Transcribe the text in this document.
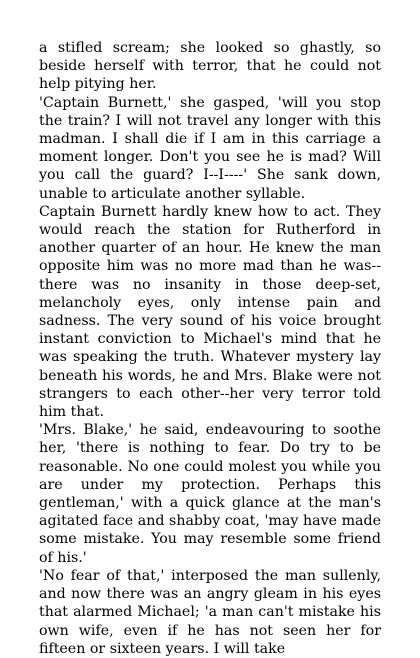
a stifled scream; she looked so ghastly, so beside herself with terror, that he could not help pitying her.

'Captain Burnett,' she gasped, 'will you stop the train? I will not travel any longer with this madman. I shall die if I am in this carriage a moment longer. Don't you see he is mad? Will you call the guard? I--I----' She sank down, unable to articulate another syllable.

Captain Burnett hardly knew how to act. They would reach the station for Rutherford in another quarter of an hour. He knew the man opposite him was no more mad than he was--there was no insanity in those deep-set, melancholy eyes, only intense pain and sadness. The very sound of his voice brought instant conviction to Michael's mind that he was speaking the truth. Whatever mystery lay beneath his words, he and Mrs. Blake were not strangers to each other--her very terror told him that.

'Mrs. Blake,' he said, endeavouring to soothe her, 'there is nothing to fear. Do try to be reasonable. No one could molest you while you are under my protection. Perhaps this gentleman,' with a quick glance at the man's agitated face and shabby coat, 'may have made some mistake. You may resemble some friend of his.'

'No fear of that,' interposed the man sullenly, and now there was an angry gleam in his eyes that alarmed Michael; 'a man can't mistake his own wife, even if he has not seen her for fifteen or sixteen years. I will take
